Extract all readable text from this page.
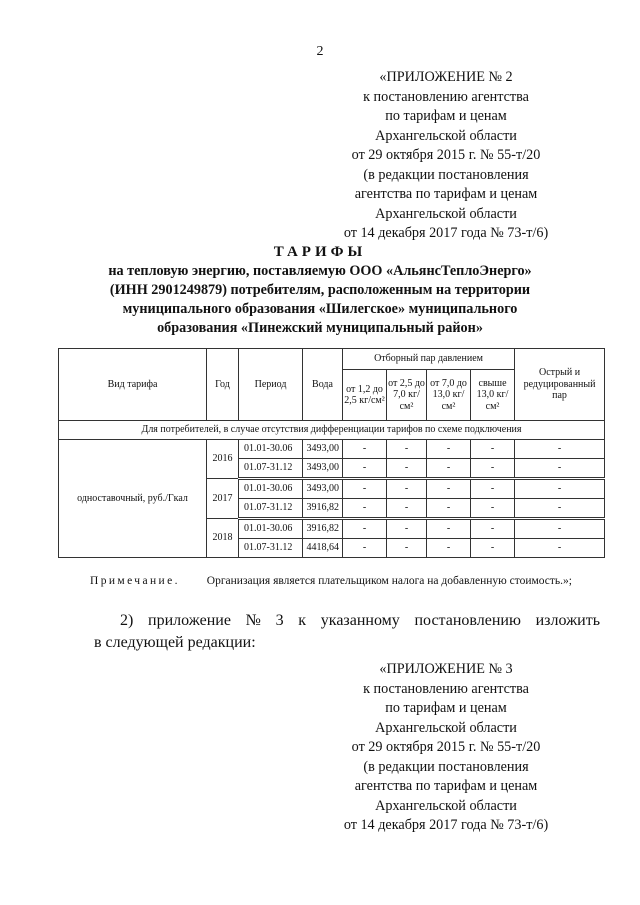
2
«ПРИЛОЖЕНИЕ № 2
к постановлению агентства
по тарифам и ценам
Архангельской области
от 29 октября 2015 г. № 55-т/20
(в редакции постановления
агентства по тарифам и ценам
Архангельской области
от 14 декабря 2017 года № 73-т/6)
ТАРИФЫ
на тепловую энергию, поставляемую ООО «АльянсТеплоЭнерго»
(ИНН 2901249879) потребителям, расположенным на территории
муниципального образования «Шилегское» муниципального
образования «Пинежский муниципальный район»
Вид тарифа	Год	Период	Вода	Отборный пар давлением				Острый и редуцированный пар
				от 1,2 до 2,5 кг/см²	от 2,5 до 7,0 кг/см²	от 7,0 до 13,0 кг/см²	свыше 13,0 кг/см²	
Для потребителей, в случае отсутствия дифференциации тарифов по схеме подключения								
одноставочный, руб./Гкал	2016	01.01-30.06	3493,00	-	-	-	-	-
		01.07-31.12	3493,00	-	-	-	-	-
	2017	01.01-30.06	3493,00	-	-	-	-	-
		01.07-31.12	3916,82	-	-	-	-	-
	2018	01.01-30.06	3916,82	-	-	-	-	-
		01.07-31.12	4418,64	-	-	-	-	-
Примечание. Организация является плательщиком налога на добавленную стоимость.»;
2) приложение № 3 к указанному постановлению изложить
в следующей редакции:
«ПРИЛОЖЕНИЕ № 3
к постановлению агентства
по тарифам и ценам
Архангельской области
от 29 октября 2015 г. № 55-т/20
(в редакции постановления
агентства по тарифам и ценам
Архангельской области
от 14 декабря 2017 года № 73-т/6)
